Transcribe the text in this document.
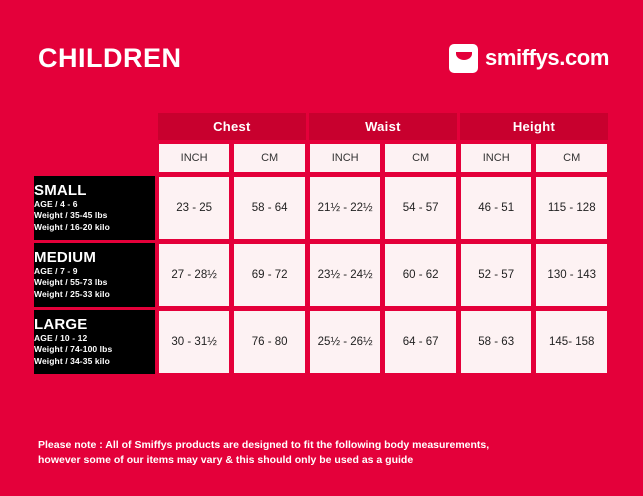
CHILDREN	smiffys.com
	Chest		Waist		Height	
	INCH	CM	INCH	CM	INCH	CM

SMALL
AGE / 4 - 6
Weight / 35-45 lbs
Weight / 16-20 kilo	23 - 25	58 - 64	21½ - 22½	54 - 57	46 - 51	115 - 128

MEDIUM
AGE / 7 - 9
Weight / 55-73 lbs
Weight / 25-33 kilo	27 - 28½	69 - 72	23½ - 24½	60 - 62	52 - 57	130 - 143

LARGE
AGE / 10 - 12
Weight / 74-100 lbs
Weight / 34-35 kilo	30 - 31½	76 - 80	25½ - 26½	64 - 67	58 - 63	145- 158
Please note : All of Smiffys products are designed to fit the following body measurements,
however some of our items may vary & this should only be used as a guide
